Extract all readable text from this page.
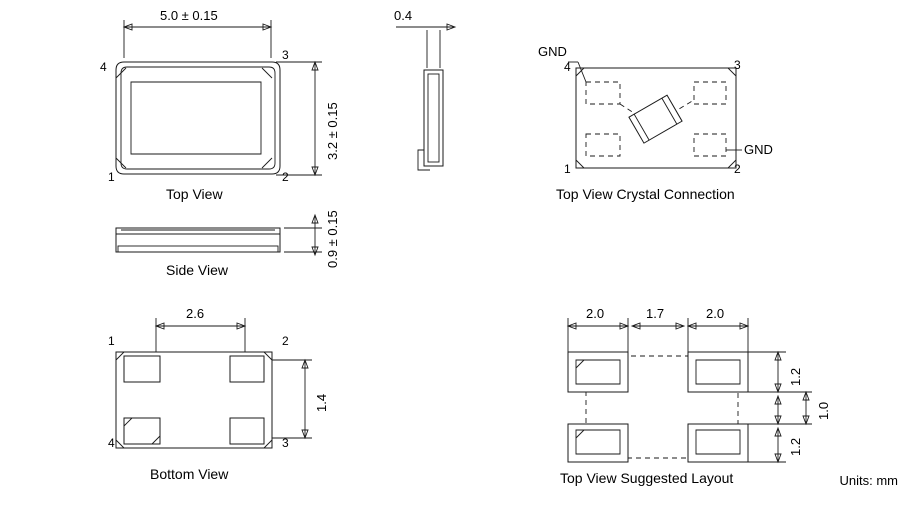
5.0 ± 0.15
3.2 ± 0.15
4
3
1	2
Top View
0.4
0.9 ± 0.15
Side View
2.6
1.4
1	2
4	3
Bottom View
GND
GND
4	3
1	2
Top View Crystal Connection
2.0	1.7	2.0
1.2
1.0
1.2
Top View Suggested Layout	Units: mm
